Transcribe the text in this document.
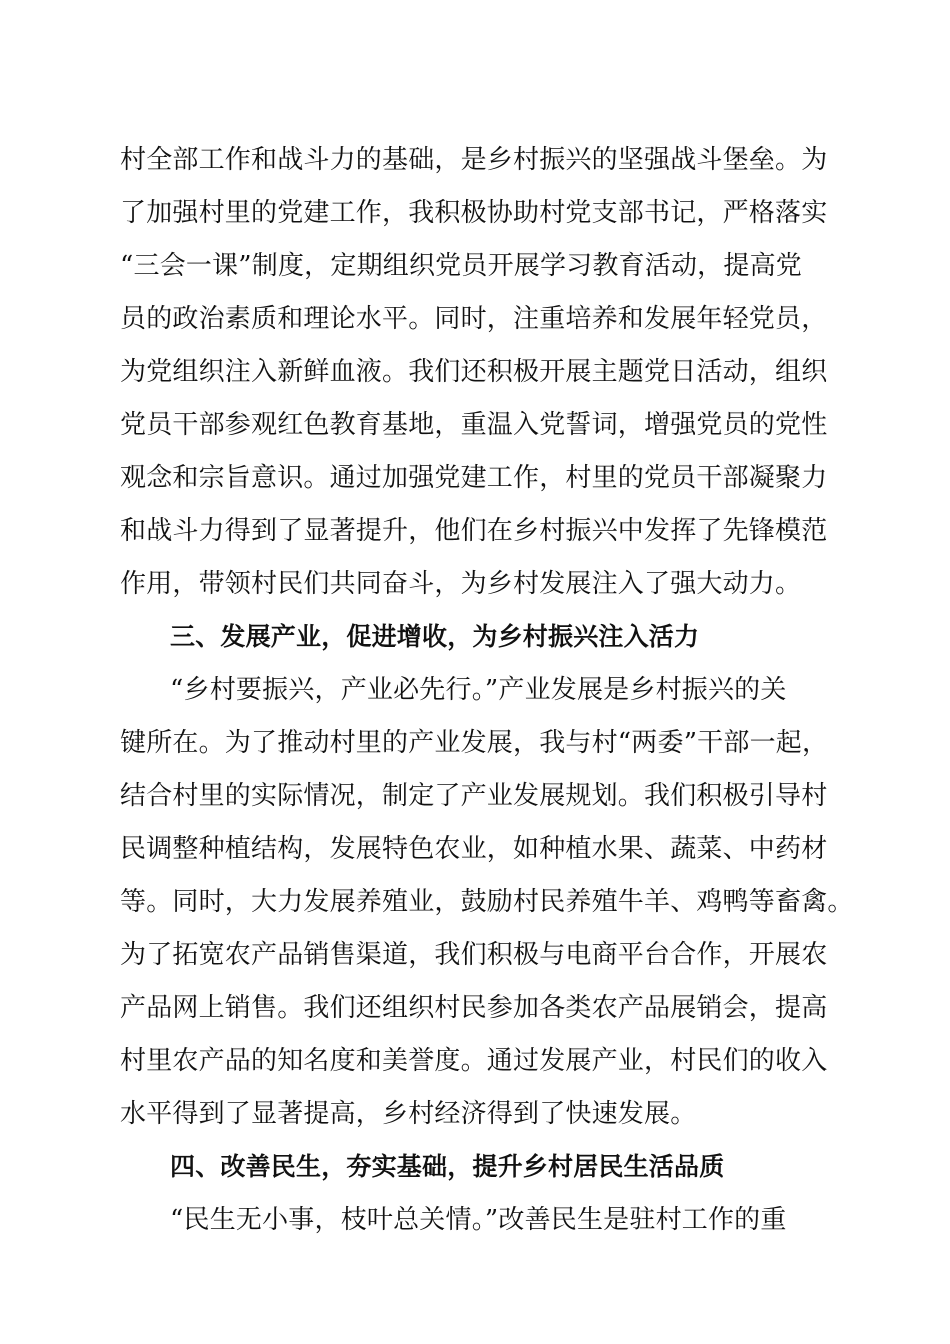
村全部工作和战斗力的基础，是乡村振兴的坚强战斗堡垒。为
了加强村里的党建工作，我积极协助村党支部书记，严格落实
“三会一课”制度，定期组织党员开展学习教育活动，提高党
员的政治素质和理论水平。同时，注重培养和发展年轻党员，
为党组织注入新鲜血液。我们还积极开展主题党日活动，组织
党员干部参观红色教育基地，重温入党誓词，增强党员的党性
观念和宗旨意识。通过加强党建工作，村里的党员干部凝聚力
和战斗力得到了显著提升，他们在乡村振兴中发挥了先锋模范
作用，带领村民们共同奋斗，为乡村发展注入了强大动力。
三、发展产业，促进增收，为乡村振兴注入活力
“乡村要振兴，产业必先行。”产业发展是乡村振兴的关
键所在。为了推动村里的产业发展，我与村“两委”干部一起，
结合村里的实际情况，制定了产业发展规划。我们积极引导村
民调整种植结构，发展特色农业，如种植水果、蔬菜、中药材
等。同时，大力发展养殖业，鼓励村民养殖牛羊、鸡鸭等畜禽。
为了拓宽农产品销售渠道，我们积极与电商平台合作，开展农
产品网上销售。我们还组织村民参加各类农产品展销会，提高
村里农产品的知名度和美誉度。通过发展产业，村民们的收入
水平得到了显著提高，乡村经济得到了快速发展。
四、改善民生，夯实基础，提升乡村居民生活品质
“民生无小事，枝叶总关情。”改善民生是驻村工作的重
